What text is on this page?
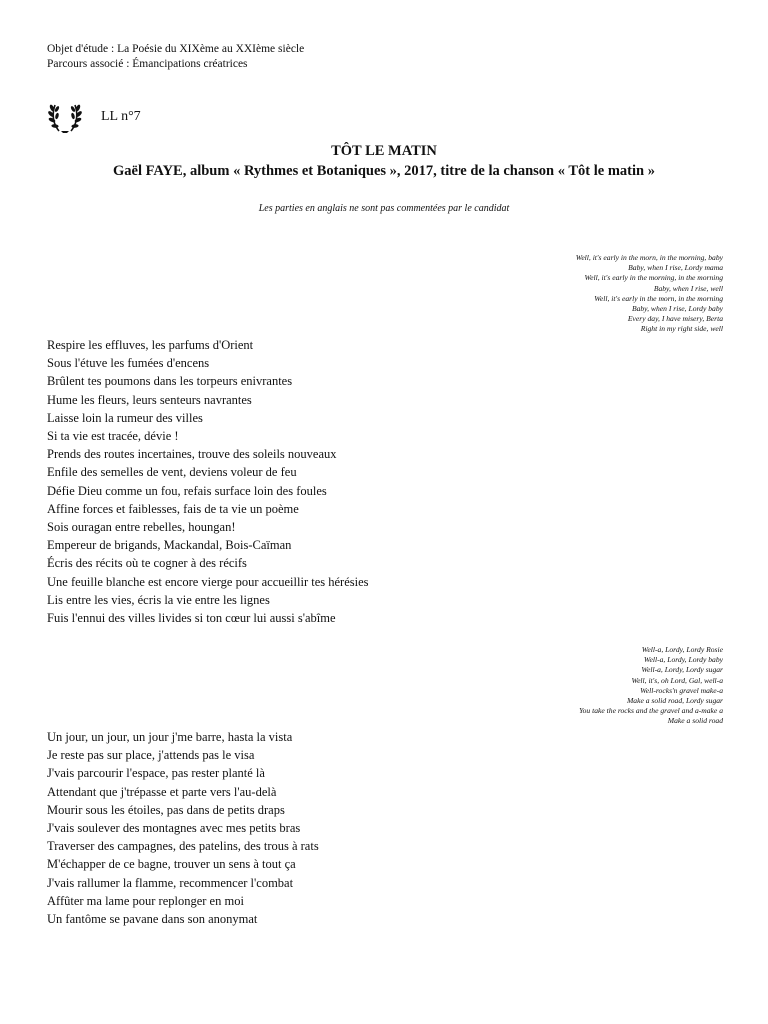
Objet d'étude : La Poésie du XIXème au XXIème siècle
Parcours associé : Émancipations créatrices
LL n°7
TÔT LE MATIN
Gaël FAYE, album « Rythmes et Botaniques », 2017, titre de la chanson « Tôt le matin »
Les parties en anglais ne sont pas commentées par le candidat
Well, it's early in the morn, in the morning, baby
Baby, when I rise, Lordy mama
Well, it's early in the morning, in the morning
Baby, when I rise, well
Well, it's early in the morn, in the morning
Baby, when I rise, Lordy baby
Every day, I have misery, Berta
Right in my right side, well
Respire les effluves, les parfums d'Orient
Sous l'étuve les fumées d'encens
Brûlent tes poumons dans les torpeurs enivrantes
Hume les fleurs, leurs senteurs navrantes
Laisse loin la rumeur des villes
Si ta vie est tracée, dévie !
Prends des routes incertaines, trouve des soleils nouveaux
Enfile des semelles de vent, deviens voleur de feu
Défie Dieu comme un fou, refais surface loin des foules
Affine forces et faiblesses, fais de ta vie un poème
Sois ouragan entre rebelles, houngan!
Empereur de brigands, Mackandal, Bois-Caïman
Écris des récits où te cogner à des récifs
Une feuille blanche est encore vierge pour accueillir tes hérésies
Lis entre les vies, écris la vie entre les lignes
Fuis l'ennui des villes livides si ton cœur lui aussi s'abîme
Well-a, Lordy, Lordy Rosie
Well-a, Lordy, Lordy baby
Well-a, Lordy, Lordy sugar
Well, it's, oh Lord, Gal, well-a
Well-rocks'n gravel make-a
Make a solid road, Lordy sugar
You take the rocks and the gravel and a-make a
Make a solid road
Un jour, un jour, un jour j'me barre, hasta la vista
Je reste pas sur place, j'attends pas le visa
J'vais parcourir l'espace, pas rester planté là
Attendant que j'trépasse et parte vers l'au-delà
Mourir sous les étoiles, pas dans de petits draps
J'vais soulever des montagnes avec mes petits bras
Traverser des campagnes, des patelins, des trous à rats
M'échapper de ce bagne, trouver un sens à tout ça
J'vais rallumer la flamme, recommencer l'combat
Affûter ma lame pour replonger en moi
Un fantôme se pavane dans son anonymat
